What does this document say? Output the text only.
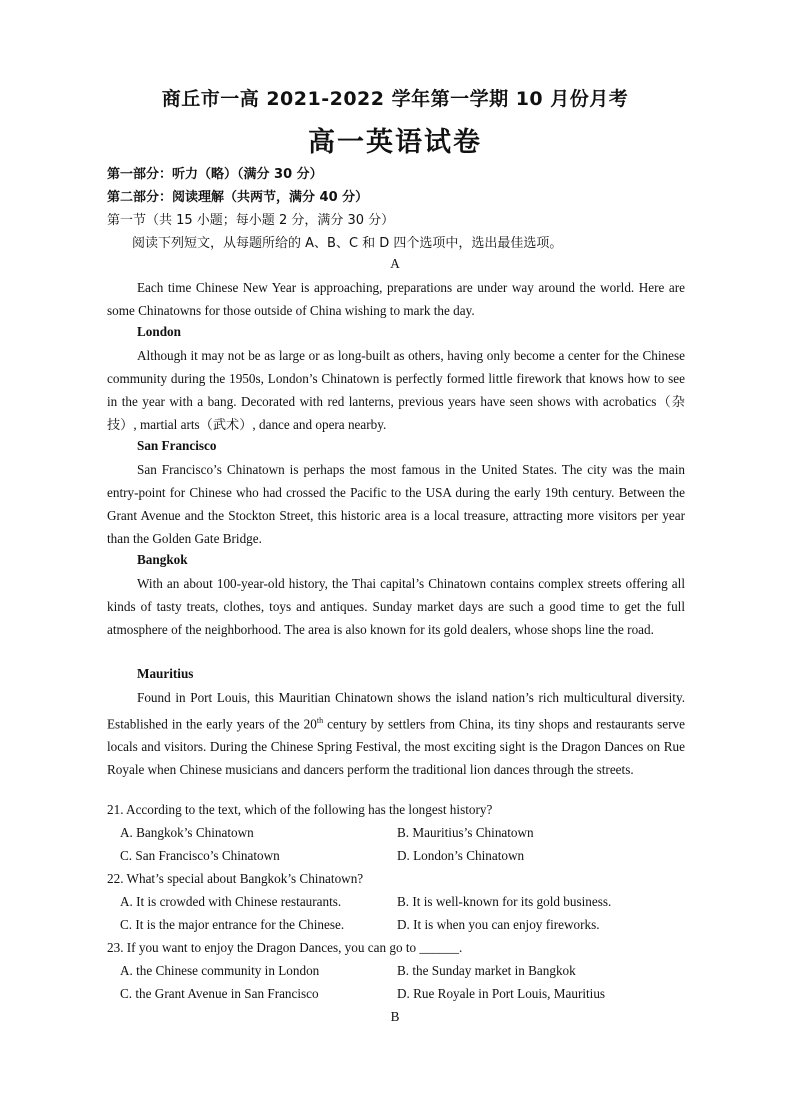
商丘市一高 2021-2022 学年第一学期 10 月份月考
高一英语试卷
第一部分：听力（略）（满分 30 分）
第二部分：阅读理解（共两节，满分 40 分）
第一节（共 15 小题；每小题 2 分，满分 30 分）
阅读下列短文，从每题所给的 A、B、C 和 D 四个选项中，选出最佳选项。
A
Each time Chinese New Year is approaching, preparations are under way around the world. Here are some Chinatowns for those outside of China wishing to mark the day.
London
Although it may not be as large or as long-built as others, having only become a center for the Chinese community during the 1950s, London’s Chinatown is perfectly formed little firework that knows how to see in the year with a bang. Decorated with red lanterns, previous years have seen shows with acrobatics（杂技）, martial arts（武术）, dance and opera nearby.
San Francisco
San Francisco’s Chinatown is perhaps the most famous in the United States. The city was the main entry-point for Chinese who had crossed the Pacific to the USA during the early 19th century. Between the Grant Avenue and the Stockton Street, this historic area is a local treasure, attracting more visitors per year than the Golden Gate Bridge.
Bangkok
With an about 100-year-old history, the Thai capital’s Chinatown contains complex streets offering all kinds of tasty treats, clothes, toys and antiques. Sunday market days are such a good time to get the full atmosphere of the neighborhood. The area is also known for its gold dealers, whose shops line the road.
Mauritius
Found in Port Louis, this Mauritian Chinatown shows the island nation’s rich multicultural diversity. Established in the early years of the 20th century by settlers from China, its tiny shops and restaurants serve locals and visitors. During the Chinese Spring Festival, the most exciting sight is the Dragon Dances on Rue Royale when Chinese musicians and dancers perform the traditional lion dances through the streets.
21. According to the text, which of the following has the longest history?
A. Bangkok’s Chinatown	B. Mauritius’s Chinatown
C. San Francisco’s Chinatown	D. London’s Chinatown
22. What’s special about Bangkok’s Chinatown?
A. It is crowded with Chinese restaurants.	B. It is well-known for its gold business.
C. It is the major entrance for the Chinese.	D. It is when you can enjoy fireworks.
23. If you want to enjoy the Dragon Dances, you can go to ______.
A. the Chinese community in London	B. the Sunday market in Bangkok
C. the Grant Avenue in San Francisco	D. Rue Royale in Port Louis, Mauritius
B
